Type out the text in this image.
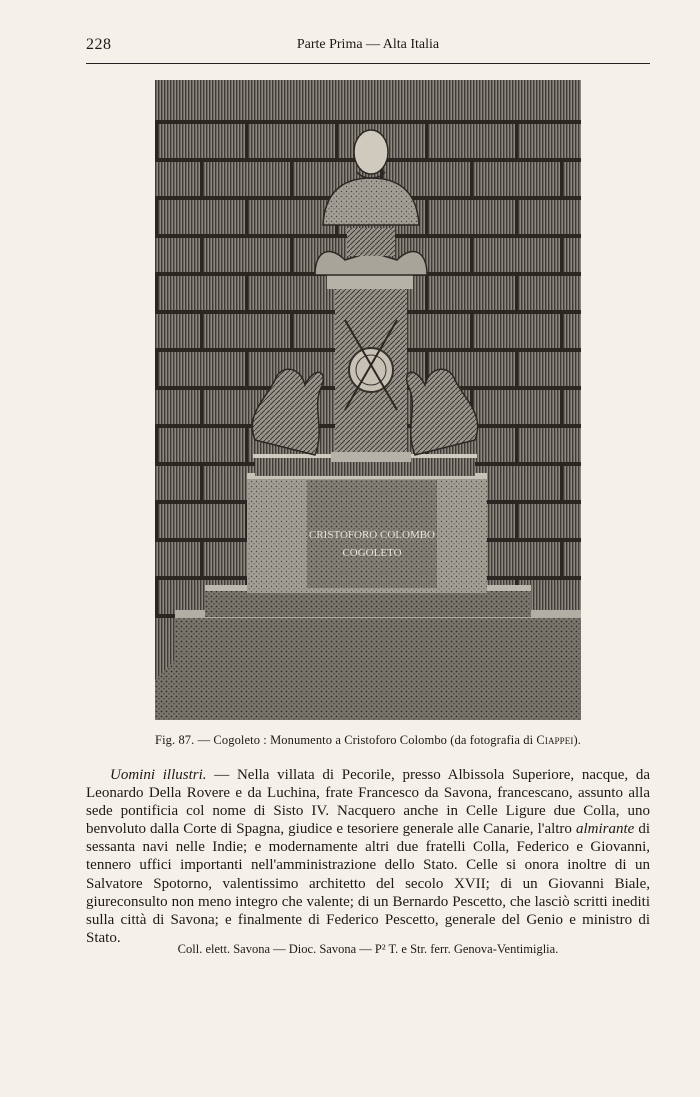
228	Parte Prima — Alta Italia
CRISTOFORO COLOMBO
COGOLETO
Fig. 87. — Cogoleto : Monumento a Cristoforo Colombo (da fotografia di Ciappei).

Uomini illustri. — Nella villata di Pecorile, presso Albissola Superiore, nacque, da Leonardo Della Rovere e da Luchina, frate Francesco da Savona, francescano, assunto alla sede pontificia col nome di Sisto IV. Nacquero anche in Celle Ligure due Colla, uno benvoluto dalla Corte di Spagna, giudice e tesoriere generale alle Canarie, l'altro almirante di sessanta navi nelle Indie; e modernamente altri due fratelli Colla, Federico e Giovanni, tennero uffici importanti nell'amministrazione dello Stato. Celle si onora inoltre di un Salvatore Spotorno, valentissimo architetto del secolo XVII; di un Giovanni Biale, giureconsulto non meno integro che valente; di un Bernardo Pescetto, che lasciò scritti inediti sulla città di Savona; e finalmente di Federico Pescetto, generale del Genio e ministro di Stato.

Coll. elett. Savona — Dioc. Savona — P² T. e Str. ferr. Genova-Ventimiglia.
